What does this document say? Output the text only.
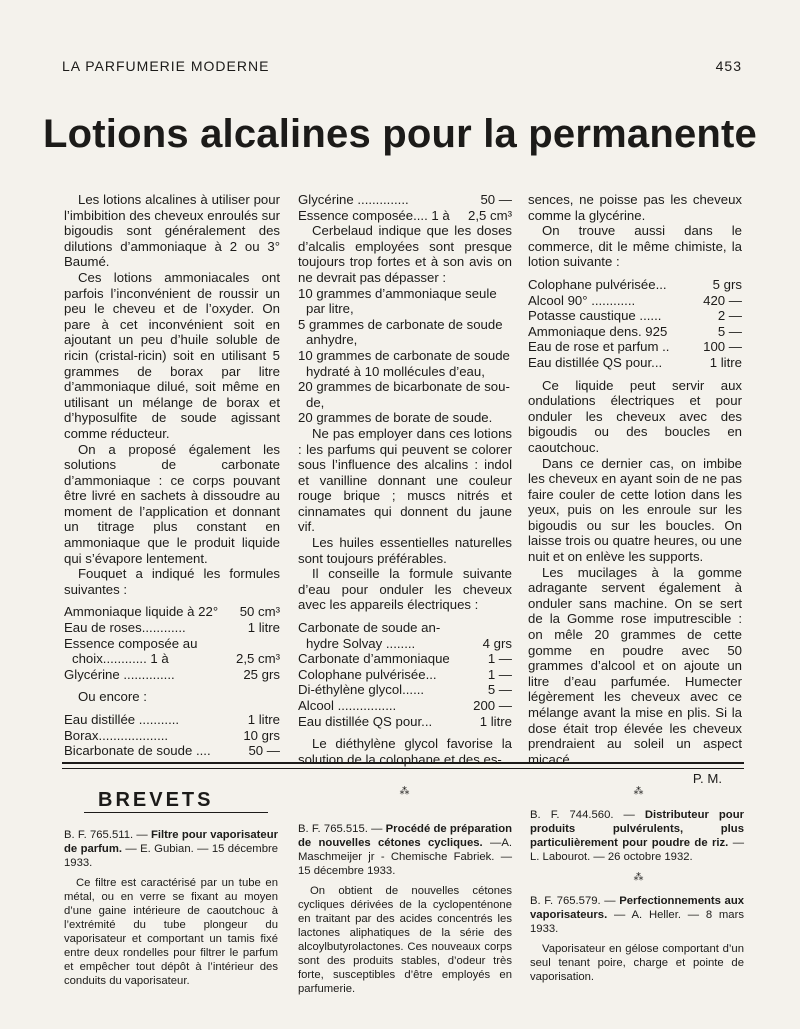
LA PARFUMERIE MODERNE	453
Lotions alcalines pour la permanente

Les lotions alcalines à utiliser pour l’imbibition des cheveux enroulés sur bigoudis sont généralement des dilutions d’ammoniaque à 2 ou 3° Baumé.

Ces lotions ammoniacales ont parfois l’inconvénient de roussir un peu le cheveu et de l’oxyder. On pare à cet inconvénient soit en ajoutant un peu d’huile soluble de ricin (cristal-ricin) soit en utilisant 5 grammes de borax par litre d’ammoniaque dilué, soit même en utilisant un mélange de borax et d’hyposulfite de soude agissant comme réducteur.

On a proposé également les solutions de carbonate d’ammoniaque : ce corps pouvant être livré en sachets à dissoudre au moment de l’application et donnant un titrage plus constant en ammoniaque que le produit liquide qui s’évapore lentement.

Fouquet a indiqué les formules suivantes :

Ammoniaque liquide à 22°	50 cm³
Eau de roses............	1 litre
Essence composée au
choix............ 1 à	2,5 cm³
Glycérine ..............	25 grs

Ou encore :

Eau distillée ...........	1 litre
Borax...................	10 grs
Bicarbonate de soude ....	50 —
Glycérine ..............	50 —
Essence composée.... 1 à	2,5 cm³

Cerbelaud indique que les doses d’alcalis employées sont presque toujours trop fortes et à son avis on ne devrait pas dépasser :

10 grammes d’ammoniaque seule
par litre,
5 grammes de carbonate de soude
anhydre,
10 grammes de carbonate de soude
hydraté à 10 mollécules d’eau,
20 grammes de bicarbonate de sou-
de,
20 grammes de borate de soude.

Ne pas employer dans ces lotions : les parfums qui peuvent se colorer sous l’influence des alcalins : indol et vanilline donnant une couleur rouge brique ; muscs nitrés et cinnamates qui donnent du jaune vif.

Les huiles essentielles naturelles sont toujours préférables.

Il conseille la formule suivante d’eau pour onduler les cheveux avec les appareils électriques :

Carbonate de soude an-
hydre Solvay ........	4 grs
Carbonate d’ammoniaque	1 —
Colophane pulvérisée...	1 —
Di-éthylène glycol......	5 —
Alcool ................	200 —
Eau distillée QS pour...	1 litre

Le diéthylène glycol favorise la solution de la colophane et des es-

sences, ne poisse pas les cheveux comme la glycérine.

On trouve aussi dans le commerce, dit le même chimiste, la lotion suivante :

Colophane pulvérisée...	5 grs
Alcool 90° ............	420 —
Potasse caustique ......	2 —
Ammoniaque dens. 925	5 —
Eau de rose et parfum ..	100 —
Eau distillée QS pour...	1 litre

Ce liquide peut servir aux ondulations électriques et pour onduler les cheveux avec des bigoudis ou des boucles en caoutchouc.

Dans ce dernier cas, on imbibe les cheveux en ayant soin de ne pas faire couler de cette lotion dans les yeux, puis on les enroule sur les bigoudis ou sur les boucles. On laisse trois ou quatre heures, ou une nuit et on enlève les supports.

Les mucilages à la gomme adragante servent également à onduler sans machine. On se sert de la Gomme rose imputrescible : on mêle 20 grammes de cette gomme en poudre avec 50 grammes d’alcool et on ajoute un litre d’eau parfumée. Humecter légèrement les cheveux avec ce mélange avant la mise en plis. Si la dose était trop élevée les cheveux prendraient au soleil un aspect micacé.

P. M.
BREVETS	⁂	⁂
⁂

B. F. 765.511. — Filtre pour vaporisateur de parfum. — E. Gubian. — 15 décembre 1933.

Ce filtre est caractérisé par un tube en métal, ou en verre se fixant au moyen d’une gaine intérieure de caoutchouc à l’extrémité du tube plongeur du vaporisateur et comportant un tamis fixé entre deux rondelles pour filtrer le parfum et empêcher tout dépôt à l’intérieur des conduits du vaporisateur.

B. F. 765.515. — Procédé de préparation de nouvelles cétones cycliques. —A. Maschmeijer jr - Chemische Fabriek. — 15 décembre 1933.

On obtient de nouvelles cétones cycliques dérivées de la cyclopenténone en traitant par des acides concentrés les lactones aliphatiques de la série des alcoylbutyrolactones. Ces nouveaux corps sont des produits stables, d’odeur très forte, susceptibles d’être employés en parfumerie.

B. F. 744.560. — Distributeur pour produits pulvérulents, plus particulièrement pour poudre de riz. — L. Labourot. — 26 octobre 1932.

B. F. 765.579. — Perfectionnements aux vaporisateurs. — A. Heller. — 8 mars 1933.

Vaporisateur en gélose comportant d’un seul tenant poire, charge et pointe de vaporisation.
